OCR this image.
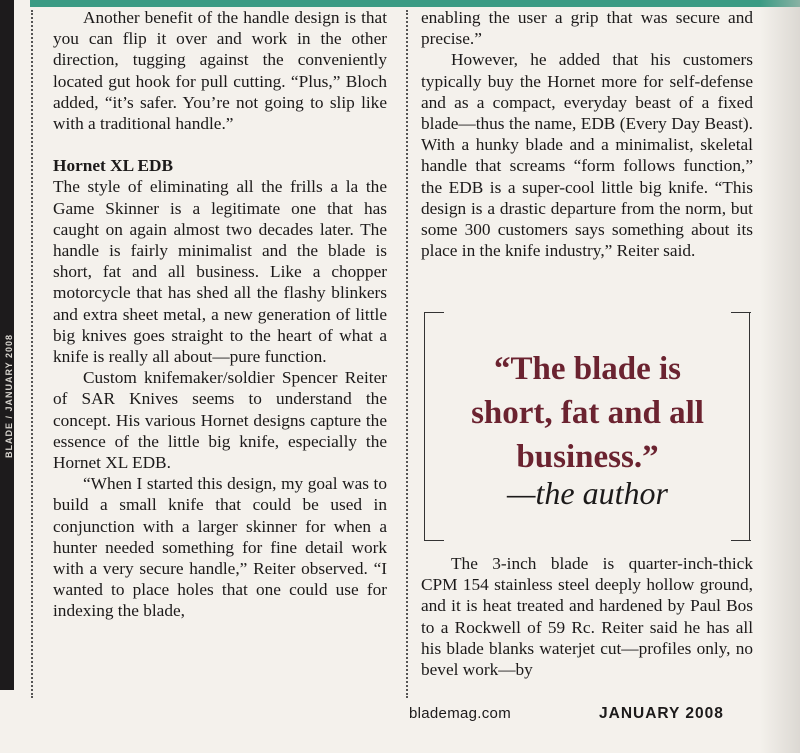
BLADE / JANUARY 2008

Another benefit of the handle design is that you can flip it over and work in the other direction, tugging against the conveniently located gut hook for pull cutting. “Plus,” Bloch added, “it’s safer. You’re not going to slip like with a traditional handle.”

Hornet XL EDB

The style of eliminating all the frills a la the Game Skinner is a legitimate one that has caught on again almost two decades later. The handle is fairly minimalist and the blade is short, fat and all business. Like a chopper motorcycle that has shed all the flashy blinkers and extra sheet metal, a new generation of little big knives goes straight to the heart of what a knife is really all about—pure function.

Custom knifemaker/soldier Spencer Reiter of SAR Knives seems to understand the concept. His various Hornet designs capture the essence of the little big knife, especially the Hornet XL EDB.

“When I started this design, my goal was to build a small knife that could be used in conjunction with a larger skinner for when a hunter needed something for fine detail work with a very secure handle,” Reiter observed. “I wanted to place holes that one could use for indexing the blade,

enabling the user a grip that was secure and precise.”

However, he added that his customers typically buy the Hornet more for self-defense and as a compact, everyday beast of a fixed blade—thus the name, EDB (Every Day Beast). With a hunky blade and a minimalist, skeletal handle that screams “form follows function,” the EDB is a super-cool little big knife. “This design is a drastic departure from the norm, but some 300 customers says something about its place in the knife industry,” Reiter said.

“The blade is
short, fat and all
business.”
—the author

The 3-inch blade is quarter-inch-thick CPM 154 stainless steel deeply hollow ground, and it is heat treated and hardened by Paul Bos to a Rockwell of 59 Rc. Reiter said he has all his blade blanks waterjet cut—profiles only, no bevel work—by

blademag.com	JANUARY 2008
